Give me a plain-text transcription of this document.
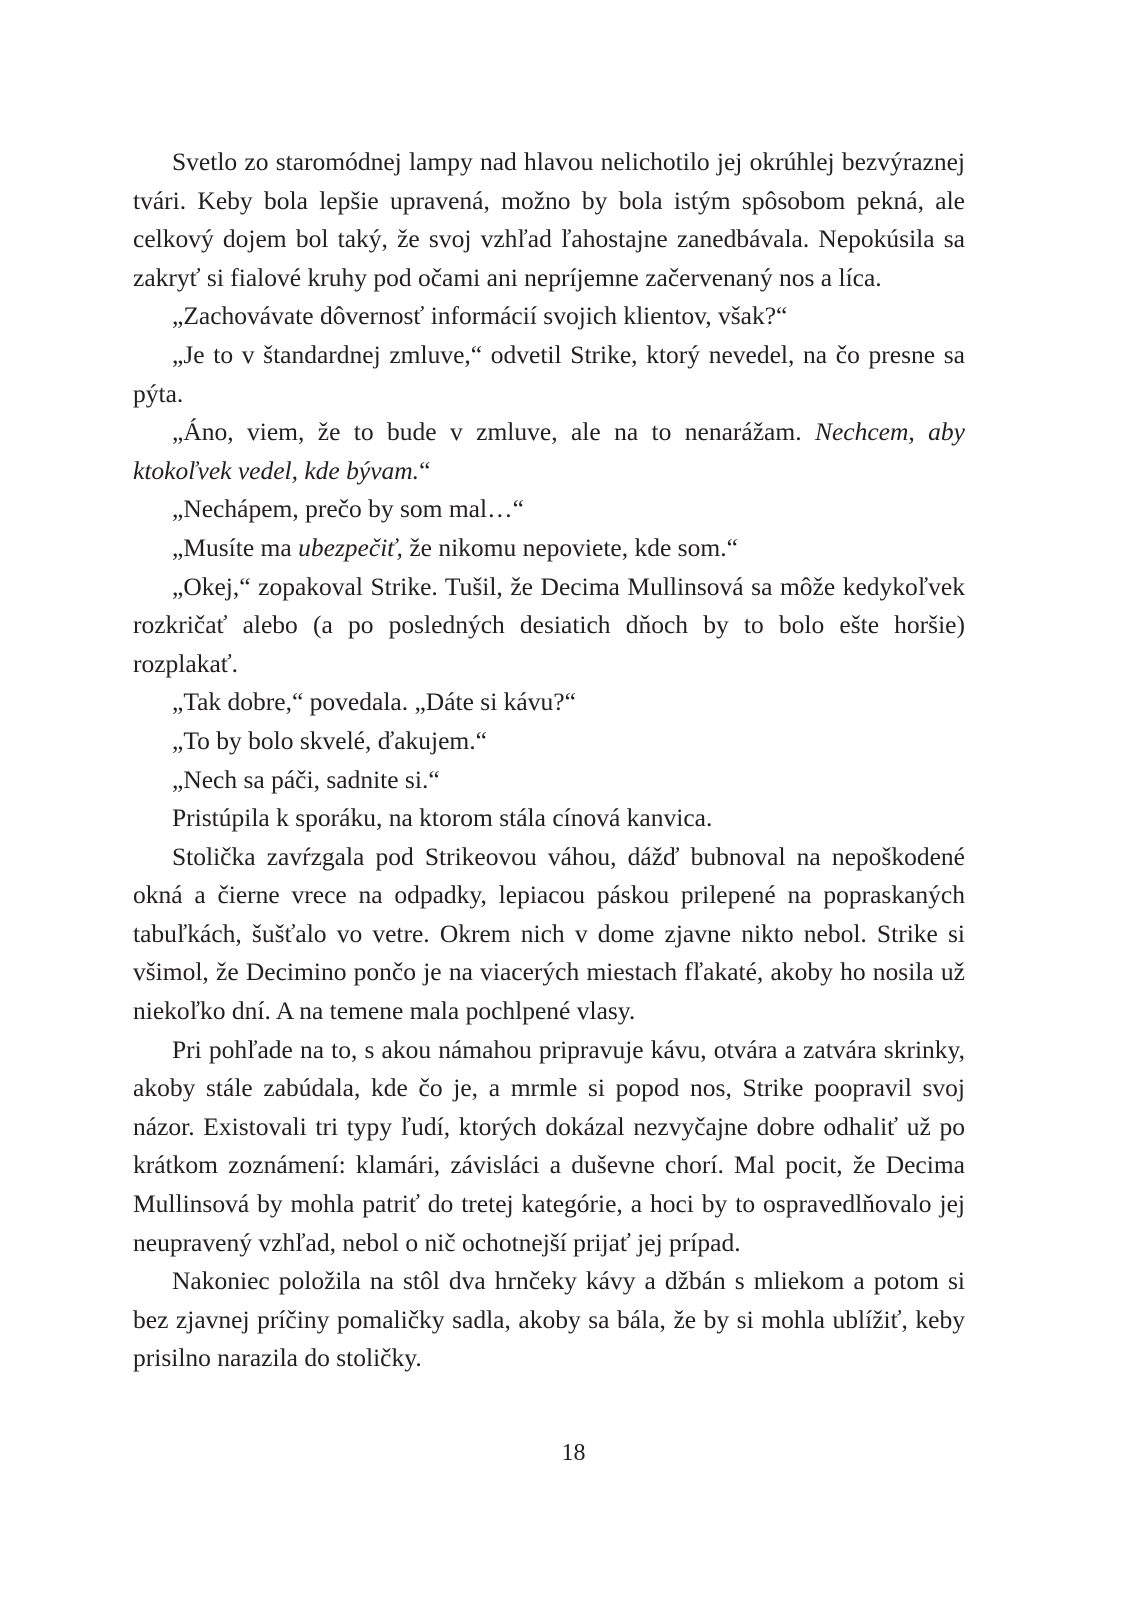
Svetlo zo staromódnej lampy nad hlavou nelichotilo jej okrúhlej bezvýraznej tvári. Keby bola lepšie upravená, možno by bola istým spôsobom pekná, ale celkový dojem bol taký, že svoj vzhľad ľahostajne zanedbávala. Nepokúsila sa zakryť si fialové kruhy pod očami ani nepríjemne začervenaný nos a líca.

„Zachovávate dôvernosť informácií svojich klientov, však?“

„Je to v štandardnej zmluve,“ odvetil Strike, ktorý nevedel, na čo presne sa pýta.

„Áno, viem, že to bude v zmluve, ale na to nenarážam. Nechcem, aby ktokoľvek vedel, kde bývam.“

„Nechápem, prečo by som mal…“

„Musíte ma ubezpečiť, že nikomu nepoviete, kde som.“

„Okej,“ zopakoval Strike. Tušil, že Decima Mullinsová sa môže kedykoľvek rozkričať alebo (a po posledných desiatich dňoch by to bolo ešte horšie) rozplakať.

„Tak dobre,“ povedala. „Dáte si kávu?“

„To by bolo skvelé, ďakujem.“

„Nech sa páči, sadnite si.“

Pristúpila k sporáku, na ktorom stála cínová kanvica.

Stolička zavŕzgala pod Strikeovou váhou, dážď bubnoval na nepoškodené okná a čierne vrece na odpadky, lepiacou páskou prilepené na popraskaných tabuľkách, šušťalo vo vetre. Okrem nich v dome zjavne nikto nebol. Strike si všimol, že Decimino pončo je na viacerých miestach fľakaté, akoby ho nosila už niekoľko dní. A na temene mala pochlpené vlasy.

Pri pohľade na to, s akou námahou pripravuje kávu, otvára a zatvára skrinky, akoby stále zabúdala, kde čo je, a mrmle si popod nos, Strike poopravil svoj názor. Existovali tri typy ľudí, ktorých dokázal nezvyčajne dobre odhaliť už po krátkom zoznámení: klamári, závisláci a duševne chorí. Mal pocit, že Decima Mullinsová by mohla patriť do tretej kategórie, a hoci by to ospravedlňovalo jej neupravený vzhľad, nebol o nič ochotnejší prijať jej prípad.

Nakoniec položila na stôl dva hrnčeky kávy a džbán s mliekom a potom si bez zjavnej príčiny pomaličky sadla, akoby sa bála, že by si mohla ublížiť, keby prisilno narazila do stoličky.

18
